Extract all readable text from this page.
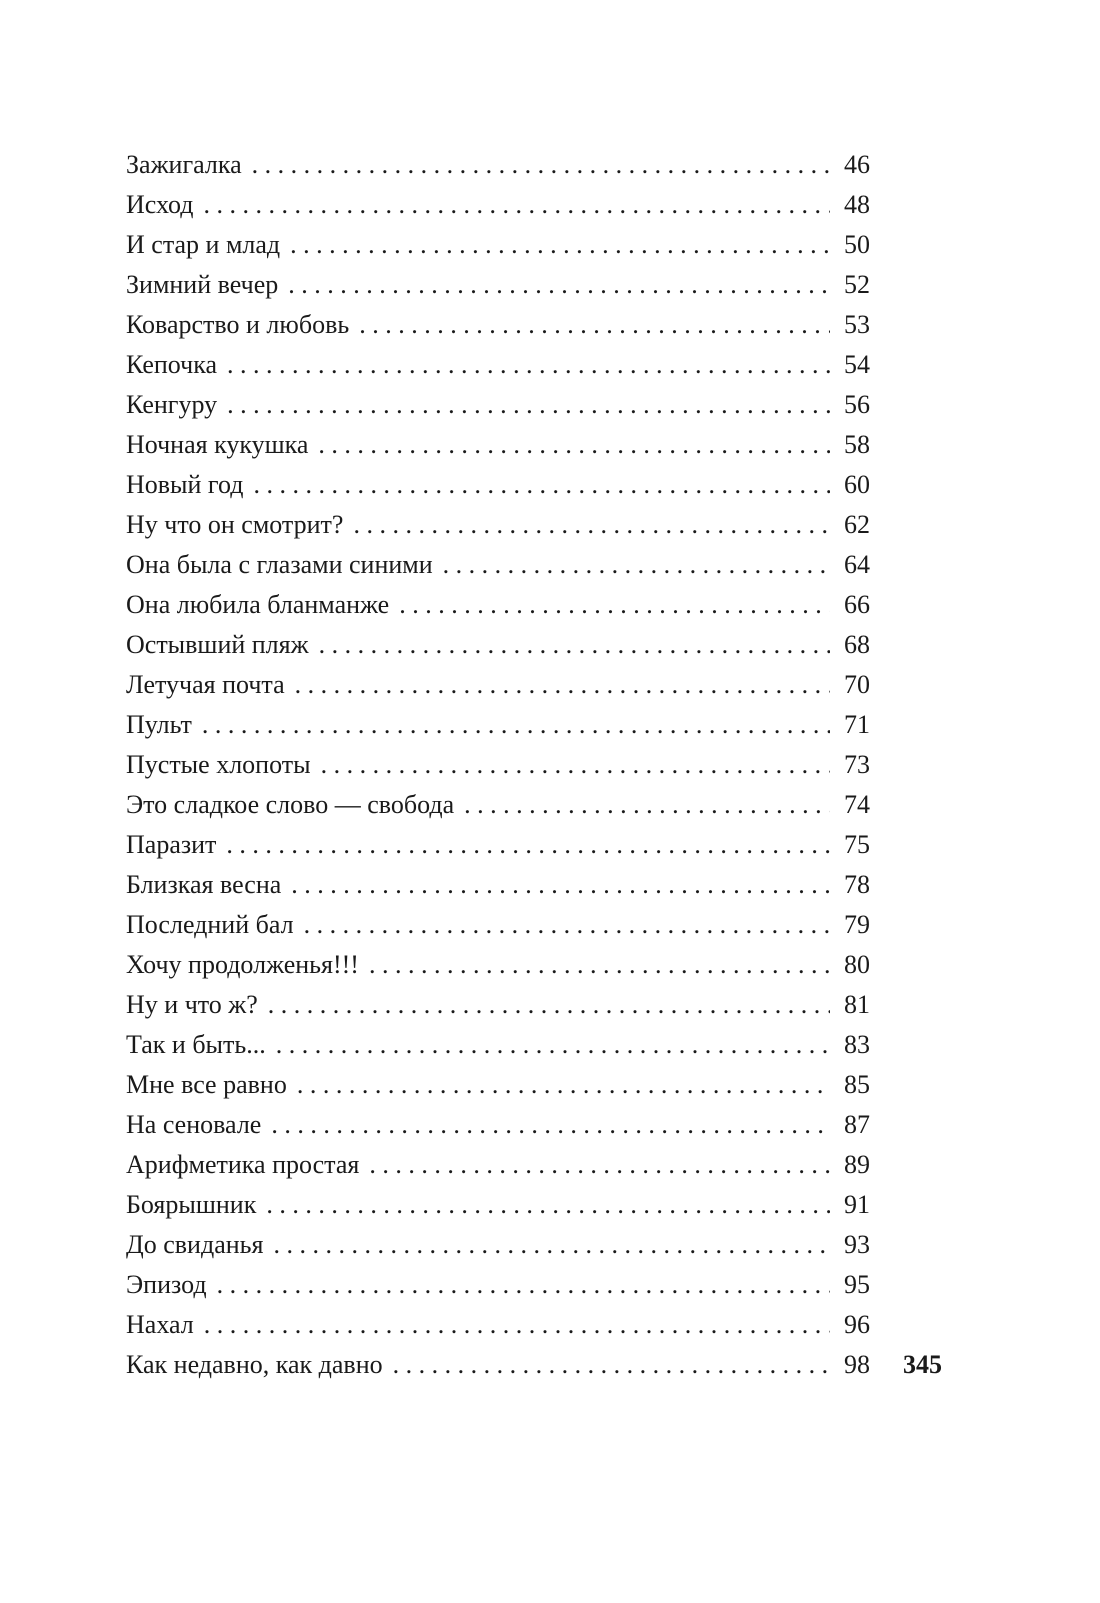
Зажигалка . . .	46
Исход . . .	48
И стар и млад . . .	50
Зимний вечер . . .	52
Коварство и любовь . . .	53
Кепочка . . .	54
Кенгуру . . .	56
Ночная кукушка . . .	58
Новый год . . .	60
Ну что он смотрит? . . .	62
Она была с глазами синими . . .	64
Она любила бланманже . . .	66
Остывший пляж . . .	68
Летучая почта . . .	70
Пульт . . .	71
Пустые хлопоты . . .	73
Это сладкое слово — свобода . . .	74
Паразит . . .	75
Близкая весна . . .	78
Последний бал . . .	79
Хочу продолженья!!! . . .	80
Ну и что ж? . . .	81
Так и быть... . . .	83
Мне все равно . . .	85
На сеновале . . .	87
Арифметика простая . . .	89
Боярышник . . .	91
До свиданья . . .	93
Эпизод . . .	95
Нахал . . .	96
Как недавно, как давно . . .	98 345
